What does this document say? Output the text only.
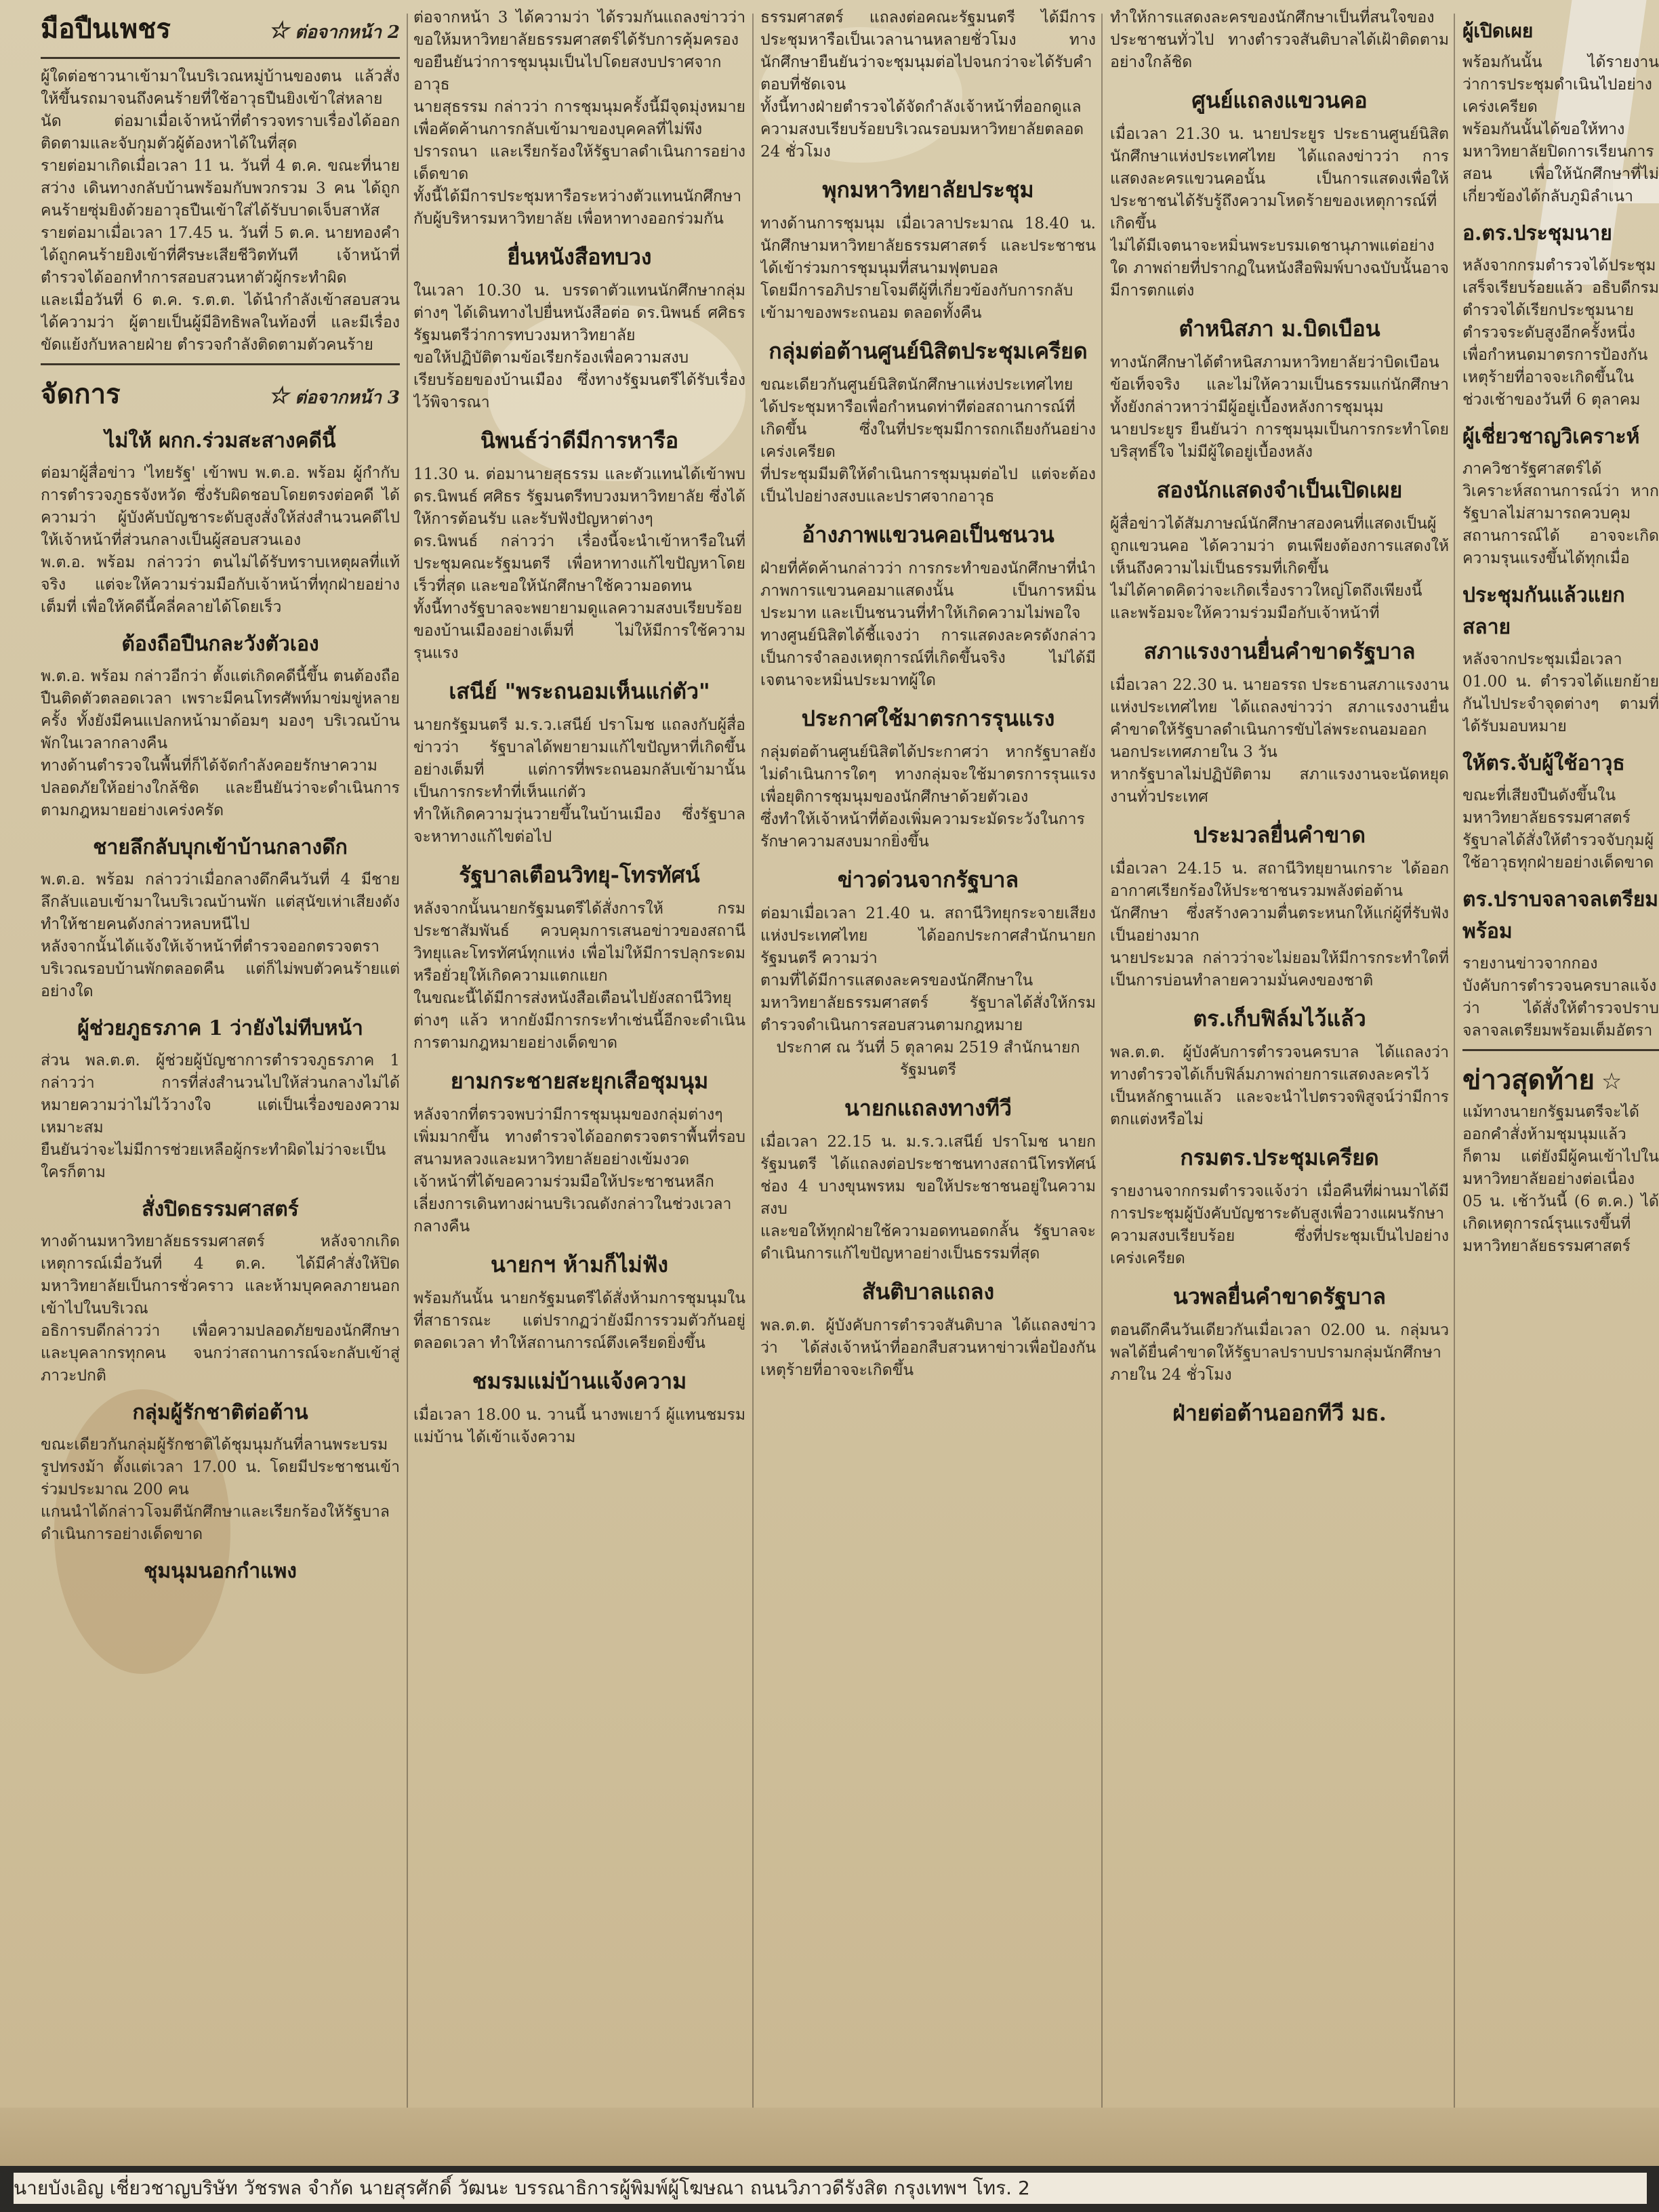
มือปืนเพชร	☆ ต่อจากหน้า 2

ผู้ใดต่อชาวนาเข้ามาในบริเวณหมู่บ้านของตน แล้วสั่งให้ขึ้นรถมาจนถึงคนร้ายที่ใช้อาวุธปืนยิงเข้าใส่หลายนัด ต่อมาเมื่อเจ้าหน้าที่ตำรวจทราบเรื่องได้ออกติดตามและจับกุมตัวผู้ต้องหาได้ในที่สุด

รายต่อมาเกิดเมื่อเวลา 11 น. วันที่ 4 ต.ค. ขณะที่นายสว่าง เดินทางกลับบ้านพร้อมกับพวกรวม 3 คน ได้ถูกคนร้ายซุ่มยิงด้วยอาวุธปืนเข้าใส่ได้รับบาดเจ็บสาหัส

รายต่อมาเมื่อเวลา 17.45 น. วันที่ 5 ต.ค. นายทองคำ ได้ถูกคนร้ายยิงเข้าที่ศีรษะเสียชีวิตทันที เจ้าหน้าที่ตำรวจได้ออกทำการสอบสวนหาตัวผู้กระทำผิด

และเมื่อวันที่ 6 ต.ค. ร.ต.ต. ได้นำกำลังเข้าสอบสวนได้ความว่า ผู้ตายเป็นผู้มีอิทธิพลในท้องที่ และมีเรื่องขัดแย้งกับหลายฝ่าย ตำรวจกำลังติดตามตัวคนร้าย

จัดการ	☆ ต่อจากหน้า 3
ไม่ให้ ผกก.ร่วมสะสางคดีนี้

ต่อมาผู้สื่อข่าว 'ไทยรัฐ' เข้าพบ พ.ต.อ. พร้อม ผู้กำกับการตำรวจภูธรจังหวัด ซึ่งรับผิดชอบโดยตรงต่อคดี ได้ความว่า ผู้บังคับบัญชาระดับสูงสั่งให้ส่งสำนวนคดีไปให้เจ้าหน้าที่ส่วนกลางเป็นผู้สอบสวนเอง

พ.ต.อ. พร้อม กล่าวว่า ตนไม่ได้รับทราบเหตุผลที่แท้จริง แต่จะให้ความร่วมมือกับเจ้าหน้าที่ทุกฝ่ายอย่างเต็มที่ เพื่อให้คดีนี้คลี่คลายได้โดยเร็ว

ต้องถือปืนกละวังตัวเอง

พ.ต.อ. พร้อม กล่าวอีกว่า ตั้งแต่เกิดคดีนี้ขึ้น ตนต้องถือปืนติดตัวตลอดเวลา เพราะมีคนโทรศัพท์มาข่มขู่หลายครั้ง ทั้งยังมีคนแปลกหน้ามาด้อมๆ มองๆ บริเวณบ้านพักในเวลากลางคืน

ทางด้านตำรวจในพื้นที่ก็ได้จัดกำลังคอยรักษาความปลอดภัยให้อย่างใกล้ชิด และยืนยันว่าจะดำเนินการตามกฎหมายอย่างเคร่งครัด

ชายลึกลับบุกเข้าบ้านกลางดึก

พ.ต.อ. พร้อม กล่าวว่าเมื่อกลางดึกคืนวันที่ 4 มีชายลึกลับแอบเข้ามาในบริเวณบ้านพัก แต่สุนัขเห่าเสียงดังทำให้ชายคนดังกล่าวหลบหนีไป

หลังจากนั้นได้แจ้งให้เจ้าหน้าที่ตำรวจออกตรวจตราบริเวณรอบบ้านพักตลอดคืน แต่ก็ไม่พบตัวคนร้ายแต่อย่างใด

ผู้ช่วยภูธรภาค 1 ว่ายังไม่ทีบหน้า

ส่วน พล.ต.ต. ผู้ช่วยผู้บัญชาการตำรวจภูธรภาค 1 กล่าวว่า การที่ส่งสำนวนไปให้ส่วนกลางไม่ได้หมายความว่าไม่ไว้วางใจ แต่เป็นเรื่องของความเหมาะสม

ยืนยันว่าจะไม่มีการช่วยเหลือผู้กระทำผิดไม่ว่าจะเป็นใครก็ตาม

สั่งปิดธรรมศาสตร์

ทางด้านมหาวิทยาลัยธรรมศาสตร์ หลังจากเกิดเหตุการณ์เมื่อวันที่ 4 ต.ค. ได้มีคำสั่งให้ปิดมหาวิทยาลัยเป็นการชั่วคราว และห้ามบุคคลภายนอกเข้าไปในบริเวณ

อธิการบดีกล่าวว่า เพื่อความปลอดภัยของนักศึกษาและบุคลากรทุกคน จนกว่าสถานการณ์จะกลับเข้าสู่ภาวะปกติ

กลุ่มผู้รักชาติต่อต้าน

ขณะเดียวกันกลุ่มผู้รักชาติได้ชุมนุมกันที่ลานพระบรมรูปทรงม้า ตั้งแต่เวลา 17.00 น. โดยมีประชาชนเข้าร่วมประมาณ 200 คน

แกนนำได้กล่าวโจมตีนักศึกษาและเรียกร้องให้รัฐบาลดำเนินการอย่างเด็ดขาด

ชุมนุมนอกกำแพง

ต่อจากหน้า 3 ได้ความว่า ได้รวมกันแถลงข่าวว่าขอให้มหาวิทยาลัยธรรมศาสตร์ได้รับการคุ้มครอง ขอยืนยันว่าการชุมนุมเป็นไปโดยสงบปราศจากอาวุธ

นายสุธรรม กล่าวว่า การชุมนุมครั้งนี้มีจุดมุ่งหมายเพื่อคัดค้านการกลับเข้ามาของบุคคลที่ไม่พึงปรารถนา และเรียกร้องให้รัฐบาลดำเนินการอย่างเด็ดขาด

ทั้งนี้ได้มีการประชุมหารือระหว่างตัวแทนนักศึกษากับผู้บริหารมหาวิทยาลัย เพื่อหาทางออกร่วมกัน

ยื่นหนังสือทบวง

ในเวลา 10.30 น. บรรดาตัวแทนนักศึกษากลุ่มต่างๆ ได้เดินทางไปยื่นหนังสือต่อ ดร.นิพนธ์ ศศิธร รัฐมนตรีว่าการทบวงมหาวิทยาลัย

ขอให้ปฏิบัติตามข้อเรียกร้องเพื่อความสงบเรียบร้อยของบ้านเมือง ซึ่งทางรัฐมนตรีได้รับเรื่องไว้พิจารณา

นิพนธ์ว่าดีมีการหารือ

11.30 น. ต่อมานายสุธรรม และตัวแทนได้เข้าพบ ดร.นิพนธ์ ศศิธร รัฐมนตรีทบวงมหาวิทยาลัย ซึ่งได้ให้การต้อนรับ และรับฟังปัญหาต่างๆ

ดร.นิพนธ์ กล่าวว่า เรื่องนี้จะนำเข้าหารือในที่ประชุมคณะรัฐมนตรี เพื่อหาทางแก้ไขปัญหาโดยเร็วที่สุด และขอให้นักศึกษาใช้ความอดทน

ทั้งนี้ทางรัฐบาลจะพยายามดูแลความสงบเรียบร้อยของบ้านเมืองอย่างเต็มที่ ไม่ให้มีการใช้ความรุนแรง

เสนีย์ "พระถนอมเห็นแก่ตัว"

นายกรัฐมนตรี ม.ร.ว.เสนีย์ ปราโมช แถลงกับผู้สื่อข่าวว่า รัฐบาลได้พยายามแก้ไขปัญหาที่เกิดขึ้นอย่างเต็มที่ แต่การที่พระถนอมกลับเข้ามานั้น เป็นการกระทำที่เห็นแก่ตัว

ทำให้เกิดความวุ่นวายขึ้นในบ้านเมือง ซึ่งรัฐบาลจะหาทางแก้ไขต่อไป

รัฐบาลเตือนวิทยุ-โทรทัศน์

หลังจากนั้นนายกรัฐมนตรีได้สั่งการให้ กรมประชาสัมพันธ์ ควบคุมการเสนอข่าวของสถานีวิทยุและโทรทัศน์ทุกแห่ง เพื่อไม่ให้มีการปลุกระดมหรือยั่วยุให้เกิดความแตกแยก

ในขณะนี้ได้มีการส่งหนังสือเตือนไปยังสถานีวิทยุต่างๆ แล้ว หากยังมีการกระทำเช่นนี้อีกจะดำเนินการตามกฎหมายอย่างเด็ดขาด

ยามกระชายสะยุกเสือชุมนุม

หลังจากที่ตรวจพบว่ามีการชุมนุมของกลุ่มต่างๆ เพิ่มมากขึ้น ทางตำรวจได้ออกตรวจตราพื้นที่รอบสนามหลวงและมหาวิทยาลัยอย่างเข้มงวด

เจ้าหน้าที่ได้ขอความร่วมมือให้ประชาชนหลีกเลี่ยงการเดินทางผ่านบริเวณดังกล่าวในช่วงเวลากลางคืน

นายกฯ ห้ามก็ไม่ฟัง

พร้อมกันนั้น นายกรัฐมนตรีได้สั่งห้ามการชุมนุมในที่สาธารณะ แต่ปรากฏว่ายังมีการรวมตัวกันอยู่ตลอดเวลา ทำให้สถานการณ์ตึงเครียดยิ่งขึ้น

ชมรมแม่บ้านแจ้งความ

เมื่อเวลา 18.00 น. วานนี้ นางพเยาว์ ผู้แทนชมรมแม่บ้าน ได้เข้าแจ้งความ

ธรรมศาสตร์ แถลงต่อคณะรัฐมนตรี ได้มีการประชุมหารือเป็นเวลานานหลายชั่วโมง ทางนักศึกษายืนยันว่าจะชุมนุมต่อไปจนกว่าจะได้รับคำตอบที่ชัดเจน

ทั้งนี้ทางฝ่ายตำรวจได้จัดกำลังเจ้าหน้าที่ออกดูแลความสงบเรียบร้อยบริเวณรอบมหาวิทยาลัยตลอด 24 ชั่วโมง

พุกมหาวิทยาลัยประชุม

ทางด้านการชุมนุม เมื่อเวลาประมาณ 18.40 น. นักศึกษามหาวิทยาลัยธรรมศาสตร์ และประชาชนได้เข้าร่วมการชุมนุมที่สนามฟุตบอล

โดยมีการอภิปรายโจมตีผู้ที่เกี่ยวข้องกับการกลับเข้ามาของพระถนอม ตลอดทั้งคืน

กลุ่มต่อต้านศูนย์นิสิตประชุมเครียด

ขณะเดียวกันศูนย์นิสิตนักศึกษาแห่งประเทศไทย ได้ประชุมหารือเพื่อกำหนดท่าทีต่อสถานการณ์ที่เกิดขึ้น ซึ่งในที่ประชุมมีการถกเถียงกันอย่างเคร่งเครียด

ที่ประชุมมีมติให้ดำเนินการชุมนุมต่อไป แต่จะต้องเป็นไปอย่างสงบและปราศจากอาวุธ

อ้างภาพแขวนคอเป็นชนวน

ฝ่ายที่คัดค้านกล่าวว่า การกระทำของนักศึกษาที่นำภาพการแขวนคอมาแสดงนั้น เป็นการหมิ่นประมาท และเป็นชนวนที่ทำให้เกิดความไม่พอใจ

ทางศูนย์นิสิตได้ชี้แจงว่า การแสดงละครดังกล่าวเป็นการจำลองเหตุการณ์ที่เกิดขึ้นจริง ไม่ได้มีเจตนาจะหมิ่นประมาทผู้ใด

ประกาศใช้มาตรการรุนแรง

กลุ่มต่อต้านศูนย์นิสิตได้ประกาศว่า หากรัฐบาลยังไม่ดำเนินการใดๆ ทางกลุ่มจะใช้มาตรการรุนแรงเพื่อยุติการชุมนุมของนักศึกษาด้วยตัวเอง

ซึ่งทำให้เจ้าหน้าที่ต้องเพิ่มความระมัดระวังในการรักษาความสงบมากยิ่งขึ้น

ข่าวด่วนจากรัฐบาล

ต่อมาเมื่อเวลา 21.40 น. สถานีวิทยุกระจายเสียงแห่งประเทศไทย ได้ออกประกาศสำนักนายกรัฐมนตรี ความว่า

ตามที่ได้มีการแสดงละครของนักศึกษาในมหาวิทยาลัยธรรมศาสตร์ รัฐบาลได้สั่งให้กรมตำรวจดำเนินการสอบสวนตามกฎหมาย

ประกาศ ณ วันที่ 5 ตุลาคม 2519 สำนักนายกรัฐมนตรี

นายกแถลงทางทีวี

เมื่อเวลา 22.15 น. ม.ร.ว.เสนีย์ ปราโมช นายกรัฐมนตรี ได้แถลงต่อประชาชนทางสถานีโทรทัศน์ช่อง 4 บางขุนพรหม ขอให้ประชาชนอยู่ในความสงบ

และขอให้ทุกฝ่ายใช้ความอดทนอดกลั้น รัฐบาลจะดำเนินการแก้ไขปัญหาอย่างเป็นธรรมที่สุด

สันติบาลแถลง

พล.ต.ต. ผู้บังคับการตำรวจสันติบาล ได้แถลงข่าวว่า ได้ส่งเจ้าหน้าที่ออกสืบสวนหาข่าวเพื่อป้องกันเหตุร้ายที่อาจจะเกิดขึ้น

ทำให้การแสดงละครของนักศึกษาเป็นที่สนใจของประชาชนทั่วไป ทางตำรวจสันติบาลได้เฝ้าติดตามอย่างใกล้ชิด

ศูนย์แถลงแขวนคอ

เมื่อเวลา 21.30 น. นายประยูร ประธานศูนย์นิสิตนักศึกษาแห่งประเทศไทย ได้แถลงข่าวว่า การแสดงละครแขวนคอนั้น เป็นการแสดงเพื่อให้ประชาชนได้รับรู้ถึงความโหดร้ายของเหตุการณ์ที่เกิดขึ้น

ไม่ได้มีเจตนาจะหมิ่นพระบรมเดชานุภาพแต่อย่างใด ภาพถ่ายที่ปรากฏในหนังสือพิมพ์บางฉบับนั้นอาจมีการตกแต่ง

ตำหนิสภา ม.บิดเบือน

ทางนักศึกษาได้ตำหนิสภามหาวิทยาลัยว่าบิดเบือนข้อเท็จจริง และไม่ให้ความเป็นธรรมแก่นักศึกษา ทั้งยังกล่าวหาว่ามีผู้อยู่เบื้องหลังการชุมนุม

นายประยูร ยืนยันว่า การชุมนุมเป็นการกระทำโดยบริสุทธิ์ใจ ไม่มีผู้ใดอยู่เบื้องหลัง

สองนักแสดงจำเป็นเปิดเผย

ผู้สื่อข่าวได้สัมภาษณ์นักศึกษาสองคนที่แสดงเป็นผู้ถูกแขวนคอ ได้ความว่า ตนเพียงต้องการแสดงให้เห็นถึงความไม่เป็นธรรมที่เกิดขึ้น

ไม่ได้คาดคิดว่าจะเกิดเรื่องราวใหญ่โตถึงเพียงนี้ และพร้อมจะให้ความร่วมมือกับเจ้าหน้าที่

สภาแรงงานยื่นคำขาดรัฐบาล

เมื่อเวลา 22.30 น. นายอรรถ ประธานสภาแรงงานแห่งประเทศไทย ได้แถลงข่าวว่า สภาแรงงานยื่นคำขาดให้รัฐบาลดำเนินการขับไล่พระถนอมออกนอกประเทศภายใน 3 วัน

หากรัฐบาลไม่ปฏิบัติตาม สภาแรงงานจะนัดหยุดงานทั่วประเทศ

ประมวลยื่นคำขาด

เมื่อเวลา 24.15 น. สถานีวิทยุยานเกราะ ได้ออกอากาศเรียกร้องให้ประชาชนรวมพลังต่อต้านนักศึกษา ซึ่งสร้างความตื่นตระหนกให้แก่ผู้ที่รับฟังเป็นอย่างมาก

นายประมวล กล่าวว่าจะไม่ยอมให้มีการกระทำใดที่เป็นการบ่อนทำลายความมั่นคงของชาติ

ตร.เก็บฟิล์มไว้แล้ว

พล.ต.ต. ผู้บังคับการตำรวจนครบาล ได้แถลงว่า ทางตำรวจได้เก็บฟิล์มภาพถ่ายการแสดงละครไว้เป็นหลักฐานแล้ว และจะนำไปตรวจพิสูจน์ว่ามีการตกแต่งหรือไม่

กรมตร.ประชุมเครียด

รายงานจากกรมตำรวจแจ้งว่า เมื่อคืนที่ผ่านมาได้มีการประชุมผู้บังคับบัญชาระดับสูงเพื่อวางแผนรักษาความสงบเรียบร้อย ซึ่งที่ประชุมเป็นไปอย่างเคร่งเครียด

นวพลยื่นคำขาดรัฐบาล

ตอนดึกคืนวันเดียวกันเมื่อเวลา 02.00 น. กลุ่มนวพลได้ยื่นคำขาดให้รัฐบาลปราบปรามกลุ่มนักศึกษาภายใน 24 ชั่วโมง

ฝ่ายต่อต้านออกทีวี มธ.
ผู้เปิดเผย

พร้อมกันนั้น ได้รายงานว่าการประชุมดำเนินไปอย่างเคร่งเครียด

พร้อมกันนั้นได้ขอให้ทางมหาวิทยาลัยปิดการเรียนการสอน เพื่อให้นักศึกษาที่ไม่เกี่ยวข้องได้กลับภูมิลำเนา

อ.ตร.ประชุมนาย

หลังจากกรมตำรวจได้ประชุมเสร็จเรียบร้อยแล้ว อธิบดีกรมตำรวจได้เรียกประชุมนายตำรวจระดับสูงอีกครั้งหนึ่ง

เพื่อกำหนดมาตรการป้องกันเหตุร้ายที่อาจจะเกิดขึ้นในช่วงเช้าของวันที่ 6 ตุลาคม

ผู้เชี่ยวชาญวิเคราะห์

ภาควิชารัฐศาสตร์ได้วิเคราะห์สถานการณ์ว่า หากรัฐบาลไม่สามารถควบคุมสถานการณ์ได้ อาจจะเกิดความรุนแรงขึ้นได้ทุกเมื่อ

ประชุมกันแล้วแยกสลาย

หลังจากประชุมเมื่อเวลา 01.00 น. ตำรวจได้แยกย้ายกันไปประจำจุดต่างๆ ตามที่ได้รับมอบหมาย

ให้ตร.จับผู้ใช้อาวุธ

ขณะที่เสียงปืนดังขึ้นในมหาวิทยาลัยธรรมศาสตร์ รัฐบาลได้สั่งให้ตำรวจจับกุมผู้ใช้อาวุธทุกฝ่ายอย่างเด็ดขาด

ตร.ปราบจลาจลเตรียมพร้อม

รายงานข่าวจากกองบังคับการตำรวจนครบาลแจ้งว่า ได้สั่งให้ตำรวจปราบจลาจลเตรียมพร้อมเต็มอัตรา

ข่าวสุดท้าย ☆

แม้ทางนายกรัฐมนตรีจะได้ออกคำสั่งห้ามชุมนุมแล้วก็ตาม แต่ยังมีผู้คนเข้าไปในมหาวิทยาลัยอย่างต่อเนื่อง

05 น. เช้าวันนี้ (6 ต.ค.) ได้เกิดเหตุการณ์รุนแรงขึ้นที่มหาวิทยาลัยธรรมศาสตร์

นายบังเอิญ เชี่ยวชาญบริษัท วัชรพล จำกัด นายสุรศักดิ์ วัฒนะ บรรณาธิการผู้พิมพ์ผู้โฆษณา ถนนวิภาวดีรังสิต กรุงเทพฯ โทร. 2
